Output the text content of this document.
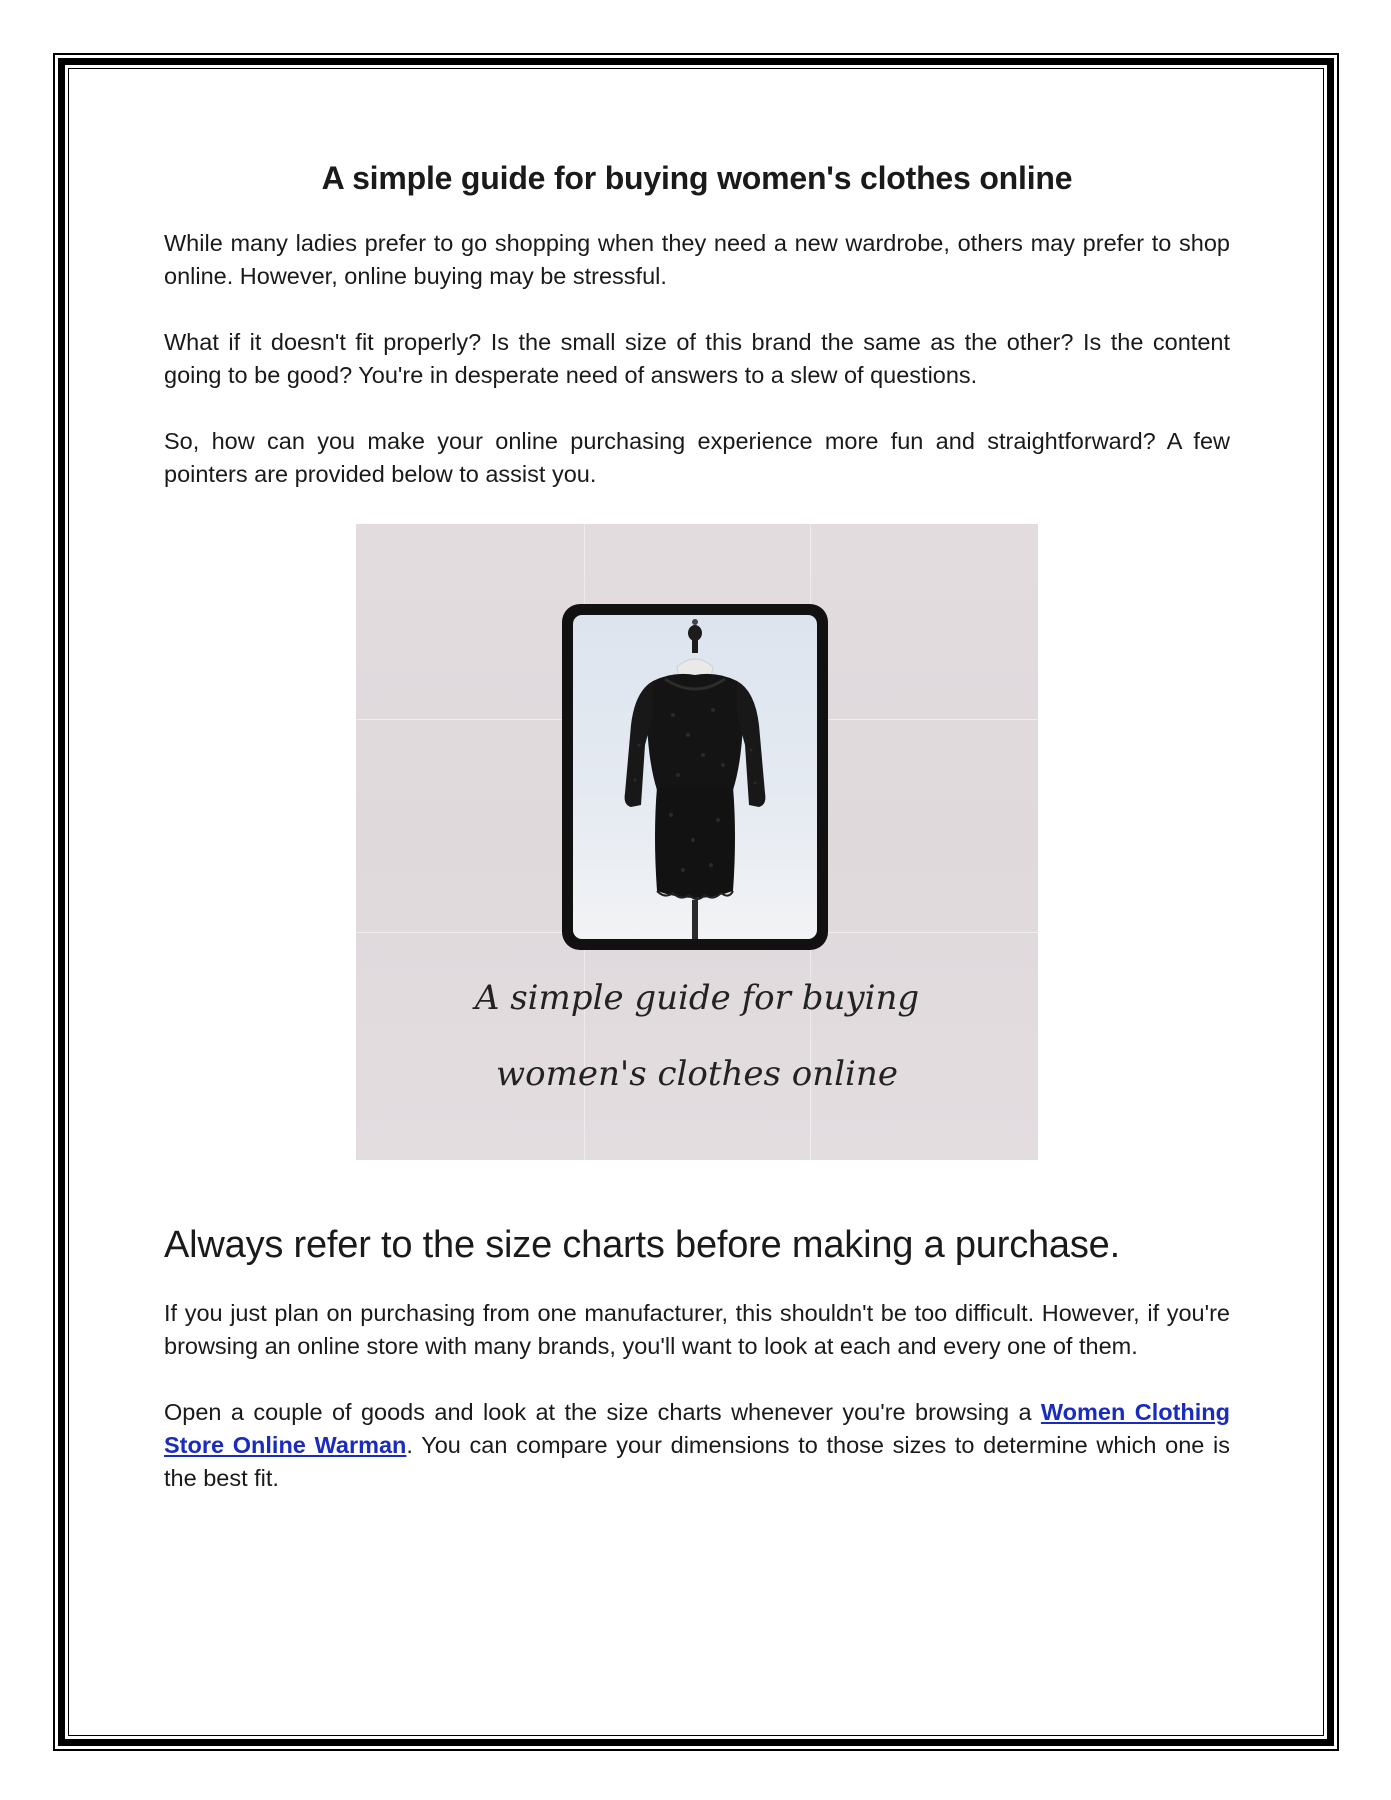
A simple guide for buying women's clothes online

While many ladies prefer to go shopping when they need a new wardrobe, others may prefer to shop online. However, online buying may be stressful.

What if it doesn't fit properly? Is the small size of this brand the same as the other? Is the content going to be good? You're in desperate need of answers to a slew of questions.

So, how can you make your online purchasing experience more fun and straightforward? A few pointers are provided below to assist you.

A simple guide for buying
women's clothes online
Always refer to the size charts before making a purchase.

If you just plan on purchasing from one manufacturer, this shouldn't be too difficult. However, if you're browsing an online store with many brands, you'll want to look at each and every one of them.

Open a couple of goods and look at the size charts whenever you're browsing a Women Clothing Store Online Warman. You can compare your dimensions to those sizes to determine which one is the best fit.
